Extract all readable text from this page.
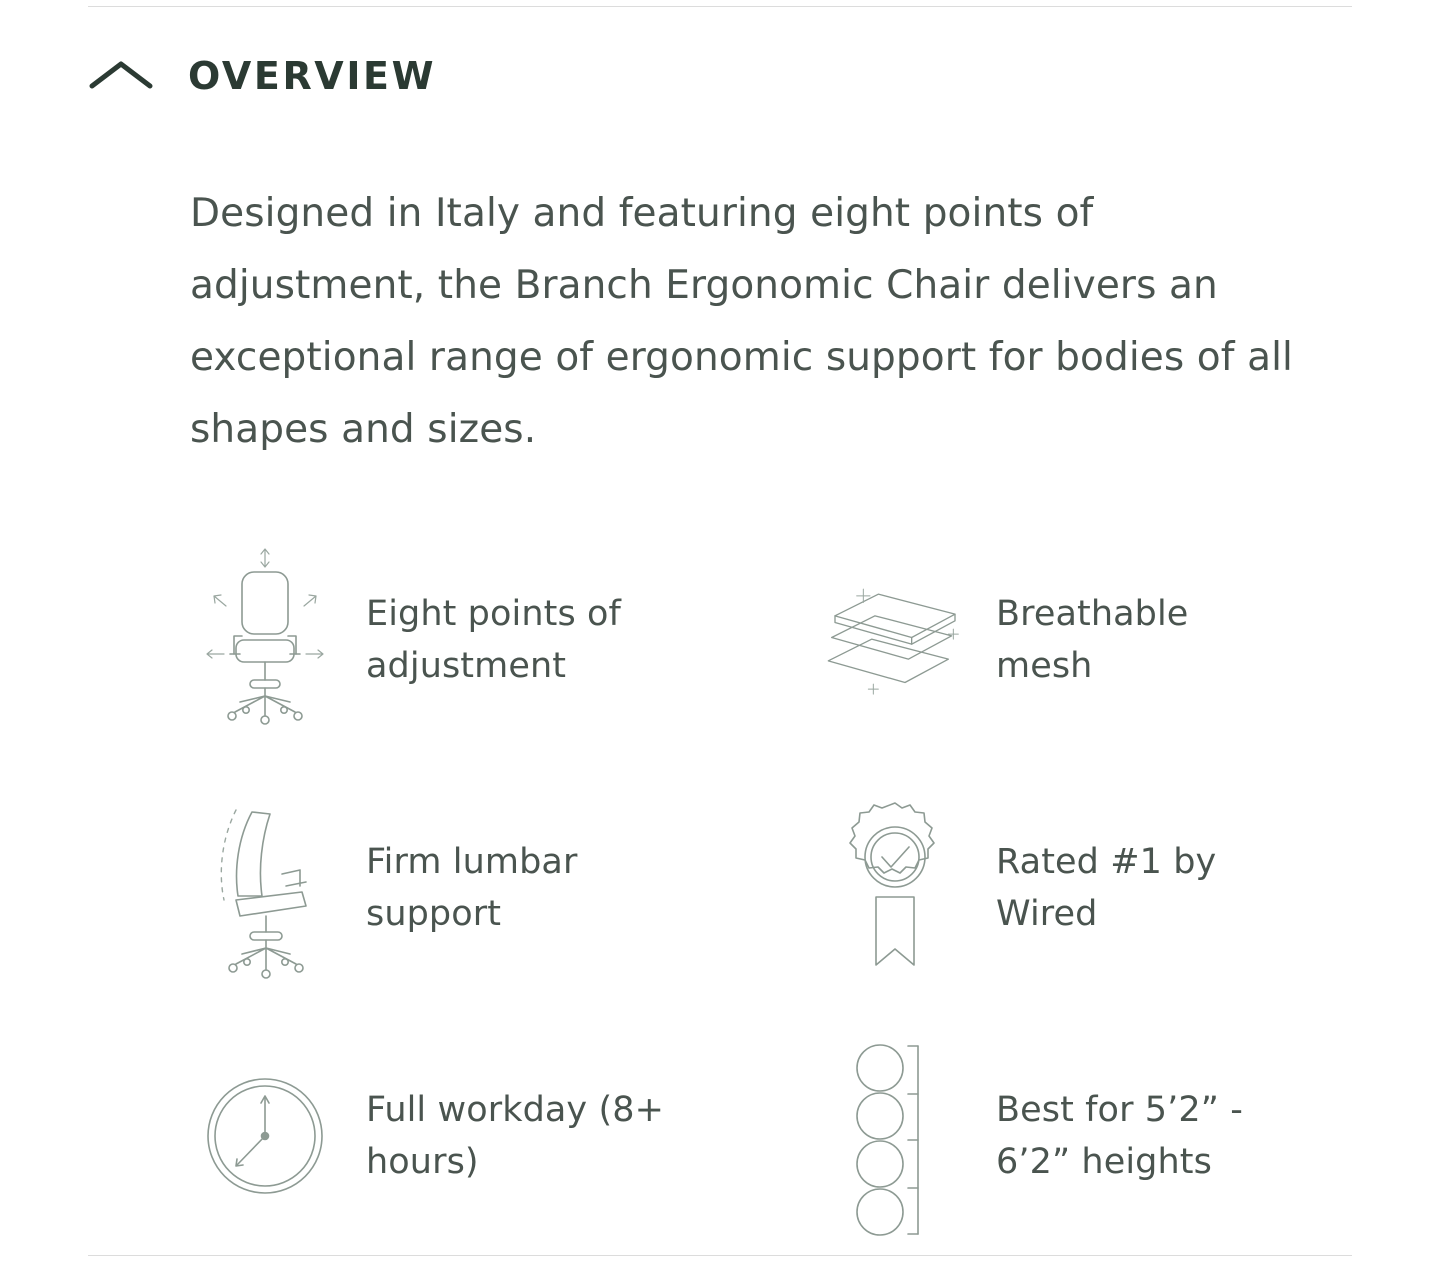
OVERVIEW
Designed in Italy and featuring eight points of adjustment, the Branch Ergonomic Chair delivers an exceptional range of ergonomic support for bodies of all shapes and sizes.
Eight points of adjustment
Breathable mesh
Firm lumbar support
Rated #1 by Wired
Full workday (8+ hours)
Best for 5’2” - 6’2” heights
